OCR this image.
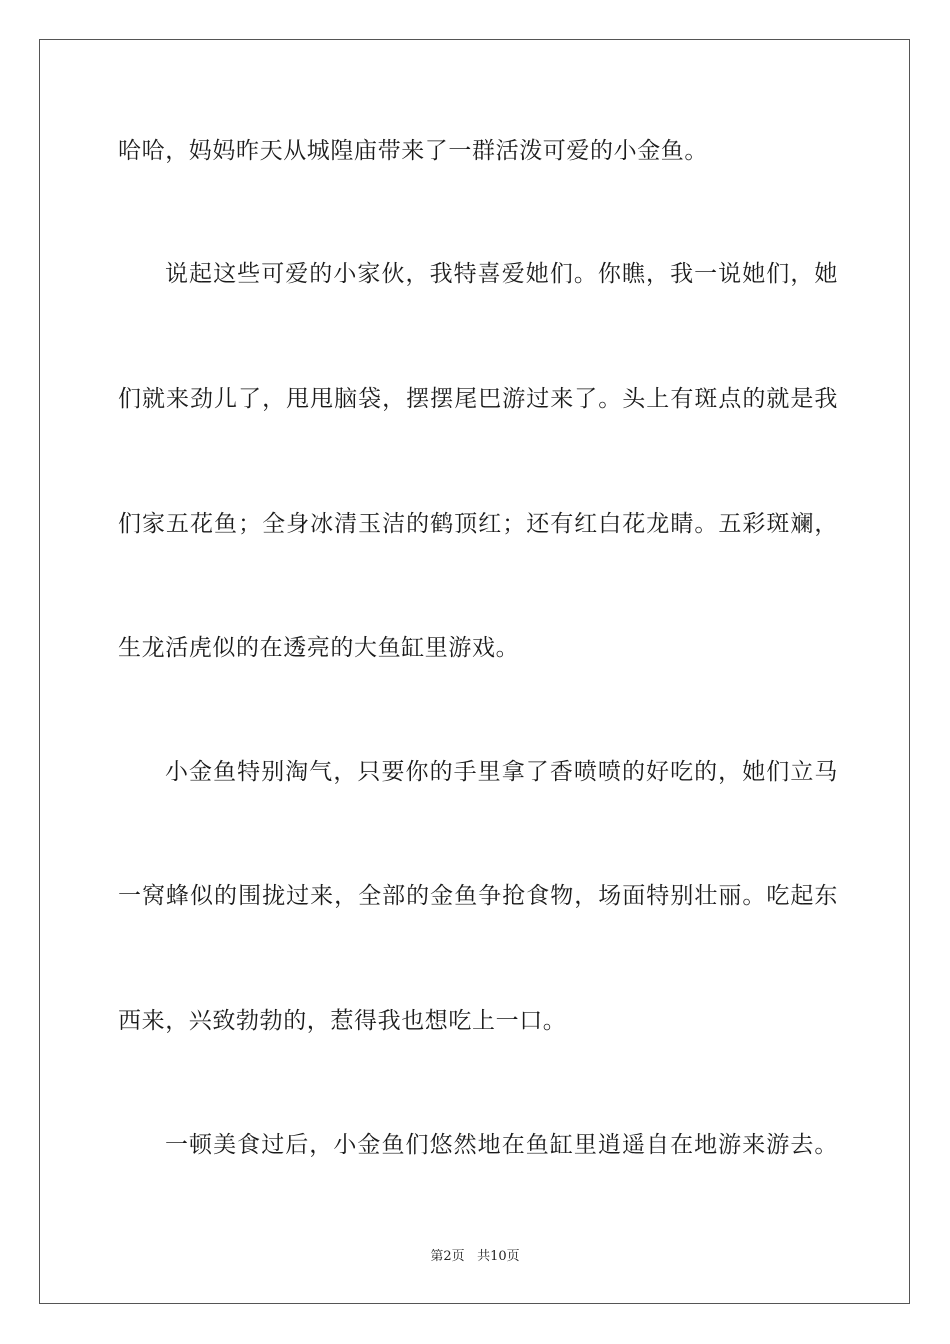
哈哈，妈妈昨天从城隍庙带来了一群活泼可爱的小金鱼。
说起这些可爱的小家伙，我特喜爱她们。你瞧，我一说她们，她
们就来劲儿了，甩甩脑袋，摆摆尾巴游过来了。头上有斑点的就是我
们家五花鱼；全身冰清玉洁的鹤顶红；还有红白花龙睛。五彩斑斓，
生龙活虎似的在透亮的大鱼缸里游戏。
小金鱼特别淘气，只要你的手里拿了香喷喷的好吃的，她们立马
一窝蜂似的围拢过来，全部的金鱼争抢食物，场面特别壮丽。吃起东
西来，兴致勃勃的，惹得我也想吃上一口。
一顿美食过后，小金鱼们悠然地在鱼缸里逍遥自在地游来游去。
第2页 共10页
